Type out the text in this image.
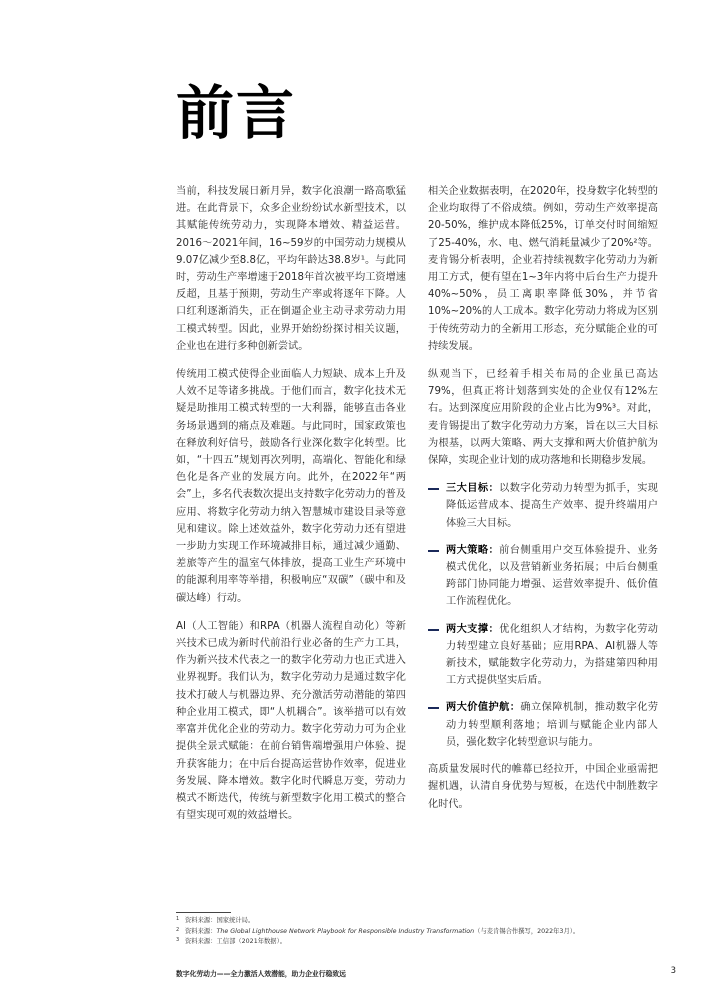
前言

当前，科技发展日新月异，数字化浪潮一路高歌猛进。在此背景下，众多企业纷纷试水新型技术，以其赋能传统劳动力，实现降本增效、精益运营。2016～2021年间，16~59岁的中国劳动力规模从9.07亿减少至8.8亿，平均年龄达38.8岁¹。与此同时，劳动生产率增速于2018年首次被平均工资增速反超，且基于预期，劳动生产率或将逐年下降。人口红利逐渐消失，正在倒逼企业主动寻求劳动力用工模式转型。因此，业界开始纷纷探讨相关议题，企业也在进行多种创新尝试。

传统用工模式使得企业面临人力短缺、成本上升及人效不足等诸多挑战。于他们而言，数字化技术无疑是助推用工模式转型的一大利器，能够直击各业务场景遇到的痛点及难题。与此同时，国家政策也在释放利好信号，鼓励各行业深化数字化转型。比如，“十四五”规划再次列明，高端化、智能化和绿色化是各产业的发展方向。此外，在2022年“两会”上，多名代表数次提出支持数字化劳动力的普及应用、将数字化劳动力纳入智慧城市建设目录等意见和建议。除上述效益外，数字化劳动力还有望进一步助力实现工作环境减排目标，通过减少通勤、差旅等产生的温室气体排放，提高工业生产环境中的能源利用率等举措，积极响应“双碳”（碳中和及碳达峰）行动。

AI（人工智能）和RPA（机器人流程自动化）等新兴技术已成为新时代前沿行业必备的生产力工具，作为新兴技术代表之一的数字化劳动力也正式进入业界视野。我们认为，数字化劳动力是通过数字化技术打破人与机器边界、充分激活劳动潜能的第四种企业用工模式，即“人机耦合”。该举措可以有效率富并优化企业的劳动力。数字化劳动力可为企业提供全景式赋能：在前台销售端增强用户体验、提升获客能力；在中后台提高运营协作效率，促进业务发展、降本增效。数字化时代瞬息万变，劳动力模式不断迭代，传统与新型数字化用工模式的整合有望实现可观的效益增长。

相关企业数据表明，在2020年，投身数字化转型的企业均取得了不俗成绩。例如，劳动生产效率提高20-50%，维护成本降低25%，订单交付时间缩短了25-40%，水、电、燃气消耗量减少了20%²等。麦肯锡分析表明，企业若持续视数字化劳动力为新用工方式，便有望在1~3年内将中后台生产力提升40%~50%，员工离职率降低30%，并节省10%~20%的人工成本。数字化劳动力将成为区别于传统劳动力的全新用工形态，充分赋能企业的可持续发展。

纵观当下，已经着手相关布局的企业虽已高达79%，但真正将计划落到实处的企业仅有12%左右。达到深度应用阶段的企业占比为9%³。对此，麦肯锡提出了数字化劳动力方案，旨在以三大目标为根基，以两大策略、两大支撑和两大价值护航为保障，实现企业计划的成功落地和长期稳步发展。

三大目标：以数字化劳动力转型为抓手，实现降低运营成本、提高生产效率、提升终端用户体验三大目标。
两大策略：前台侧重用户交互体验提升、业务模式优化，以及营销新业务拓展；中后台侧重跨部门协同能力增强、运营效率提升、低价值工作流程优化。
两大支撑：优化组织人才结构，为数字化劳动力转型建立良好基础；应用RPA、AI机器人等新技术，赋能数字化劳动力，为搭建第四种用工方式提供坚实后盾。
两大价值护航：确立保障机制，推动数字化劳动力转型顺利落地；培训与赋能企业内部人员，强化数字化转型意识与能力。

高质量发展时代的帷幕已经拉开，中国企业亟需把握机遇，认清自身优势与短板，在迭代中制胜数字化时代。

1 资料来源：国家统计局。
2 资料来源：The Global Lighthouse Network Playbook for Responsible Industry Transformation（与麦肯锡合作撰写，2022年3月）。
3 资料来源：工信部（2021年数据）。
数字化劳动力——全力激活人效潜能，助力企业行稳致远	3
